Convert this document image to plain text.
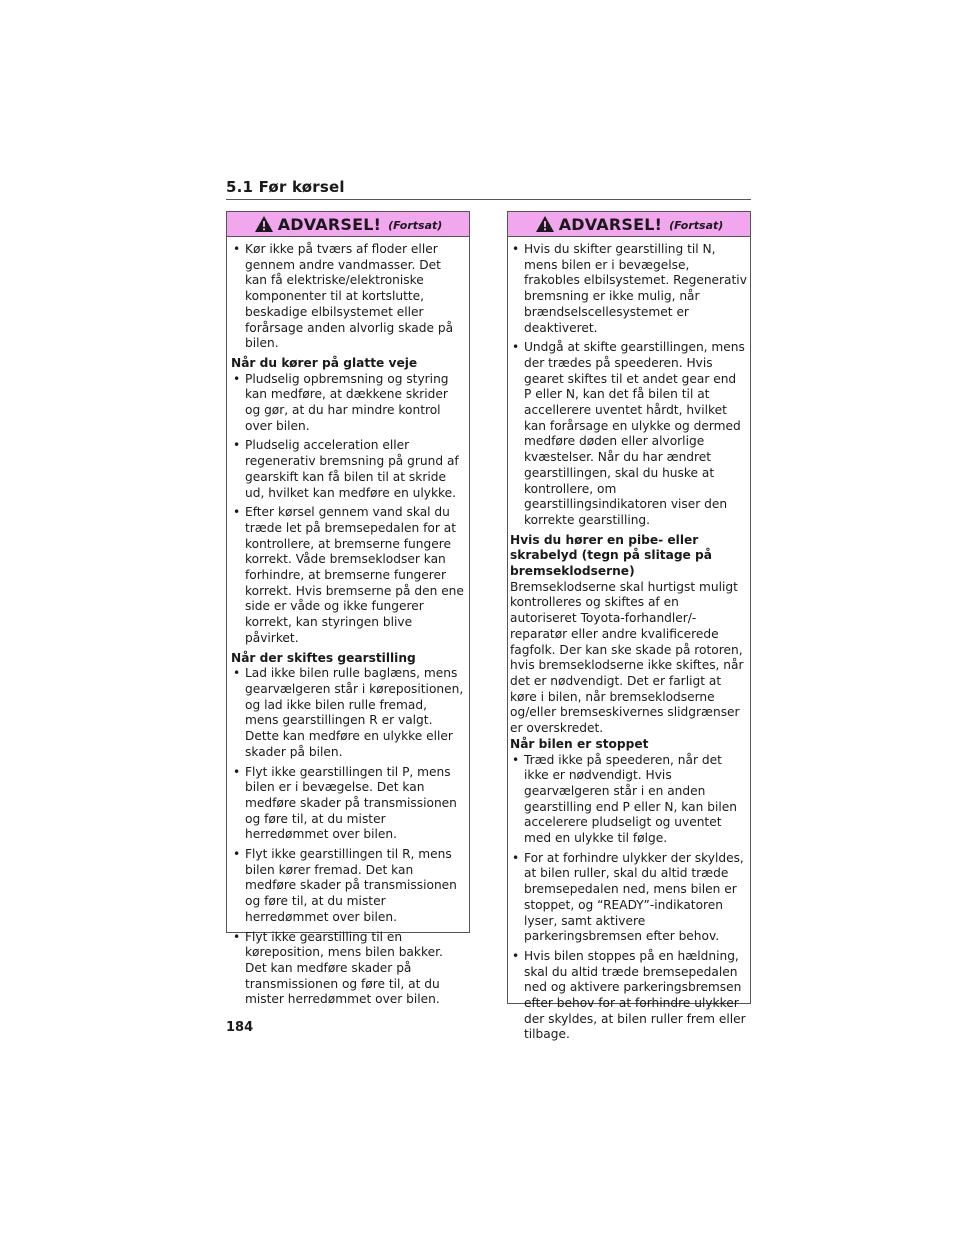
5.1 Før kørsel
ADVARSEL! (Fortsat)
• Kør ikke på tværs af floder eller gennem andre vandmasser. Det kan få elektriske/elektroniske komponenter til at kortslutte, beskadige elbilsystemet eller forårsage anden alvorlig skade på bilen.
Når du kører på glatte veje
• Pludselig opbremsning og styring kan medføre, at dækkene skrider og gør, at du har mindre kontrol over bilen.
• Pludselig acceleration eller regenerativ bremsning på grund af gearskift kan få bilen til at skride ud, hvilket kan medføre en ulykke.
• Efter kørsel gennem vand skal du træde let på bremsepedalen for at kontrollere, at bremserne fungere korrekt. Våde bremseklodser kan forhindre, at bremserne fungerer korrekt. Hvis bremserne på den ene side er våde og ikke fungerer korrekt, kan styringen blive påvirket.
Når der skiftes gearstilling
• Lad ikke bilen rulle baglæns, mens gearvælgeren står i kørepositionen, og lad ikke bilen rulle fremad, mens gearstillingen R er valgt. Dette kan medføre en ulykke eller skader på bilen.
• Flyt ikke gearstillingen til P, mens bilen er i bevægelse. Det kan medføre skader på transmissionen og føre til, at du mister herredømmet over bilen.
• Flyt ikke gearstillingen til R, mens bilen kører fremad. Det kan medføre skader på transmissionen og føre til, at du mister herredømmet over bilen.
• Flyt ikke gearstilling til en køreposition, mens bilen bakker. Det kan medføre skader på transmissionen og føre til, at du mister herredømmet over bilen.
ADVARSEL! (Fortsat)
• Hvis du skifter gearstilling til N, mens bilen er i bevægelse, frakobles elbilsystemet. Regenerativ bremsning er ikke mulig, når brændselscellesystemet er deaktiveret.
• Undgå at skifte gearstillingen, mens der trædes på speederen. Hvis gearet skiftes til et andet gear end P eller N, kan det få bilen til at accellerere uventet hårdt, hvilket kan forårsage en ulykke og dermed medføre døden eller alvorlige kvæstelser. Når du har ændret gearstillingen, skal du huske at kontrollere, om gearstillingsindikatoren viser den korrekte gearstilling.
Hvis du hører en pibe- eller skrabelyd (tegn på slitage på bremseklodserne)
Bremseklodserne skal hurtigst muligt kontrolleres og skiftes af en autoriseret Toyota-forhandler/-reparatør eller andre kvalificerede fagfolk. Der kan ske skade på rotoren, hvis bremseklodserne ikke skiftes, når det er nødvendigt. Det er farligt at køre i bilen, når bremseklodserne og/eller bremseskivernes slidgrænser er overskredet.
Når bilen er stoppet
• Træd ikke på speederen, når det ikke er nødvendigt. Hvis gearvælgeren står i en anden gearstilling end P eller N, kan bilen accelerere pludseligt og uventet med en ulykke til følge.
• For at forhindre ulykker der skyldes, at bilen ruller, skal du altid træde bremsepedalen ned, mens bilen er stoppet, og “READY”-indikatoren lyser, samt aktivere parkeringsbremsen efter behov.
• Hvis bilen stoppes på en hældning, skal du altid træde bremsepedalen ned og aktivere parkeringsbremsen efter behov for at forhindre ulykker der skyldes, at bilen ruller frem eller tilbage.
184
